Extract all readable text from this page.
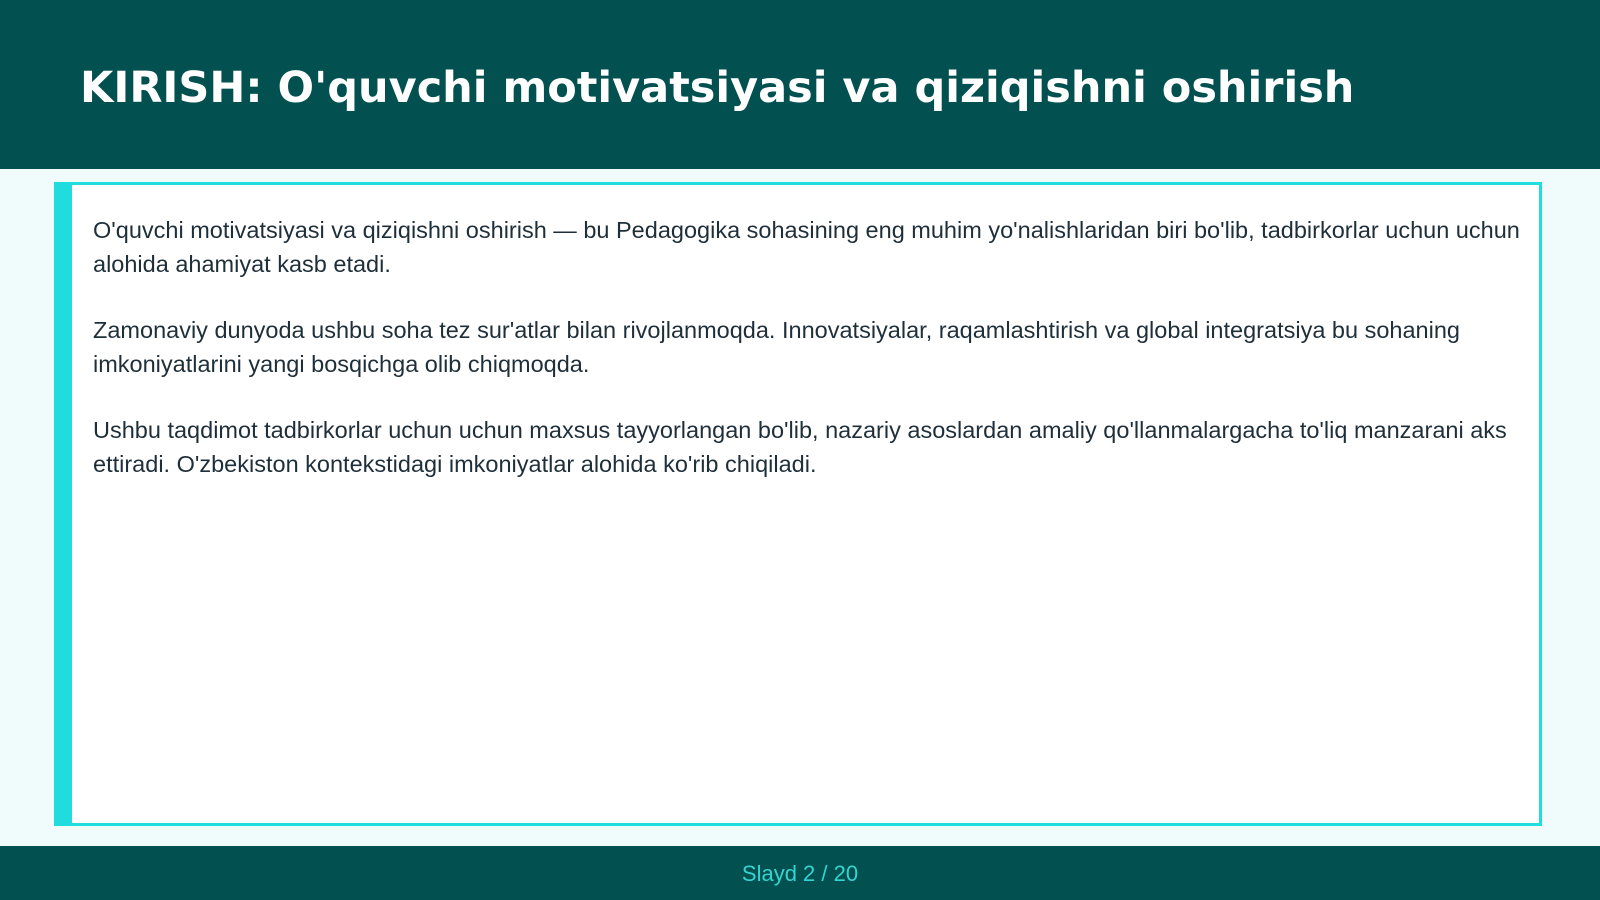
KIRISH: O'quvchi motivatsiyasi va qiziqishni oshirish

O'quvchi motivatsiyasi va qiziqishni oshirish — bu Pedagogika sohasining eng muhim yo'nalishlaridan biri bo'lib, tadbirkorlar uchun uchun alohida ahamiyat kasb etadi.

Zamonaviy dunyoda ushbu soha tez sur'atlar bilan rivojlanmoqda. Innovatsiyalar, raqamlashtirish va global integratsiya bu sohaning imkoniyatlarini yangi bosqichga olib chiqmoqda.

Ushbu taqdimot tadbirkorlar uchun uchun maxsus tayyorlangan bo'lib, nazariy asoslardan amaliy qo'llanmalargacha to'liq manzarani aks ettiradi. O'zbekiston kontekstidagi imkoniyatlar alohida ko'rib chiqiladi.

Slayd 2 / 20
